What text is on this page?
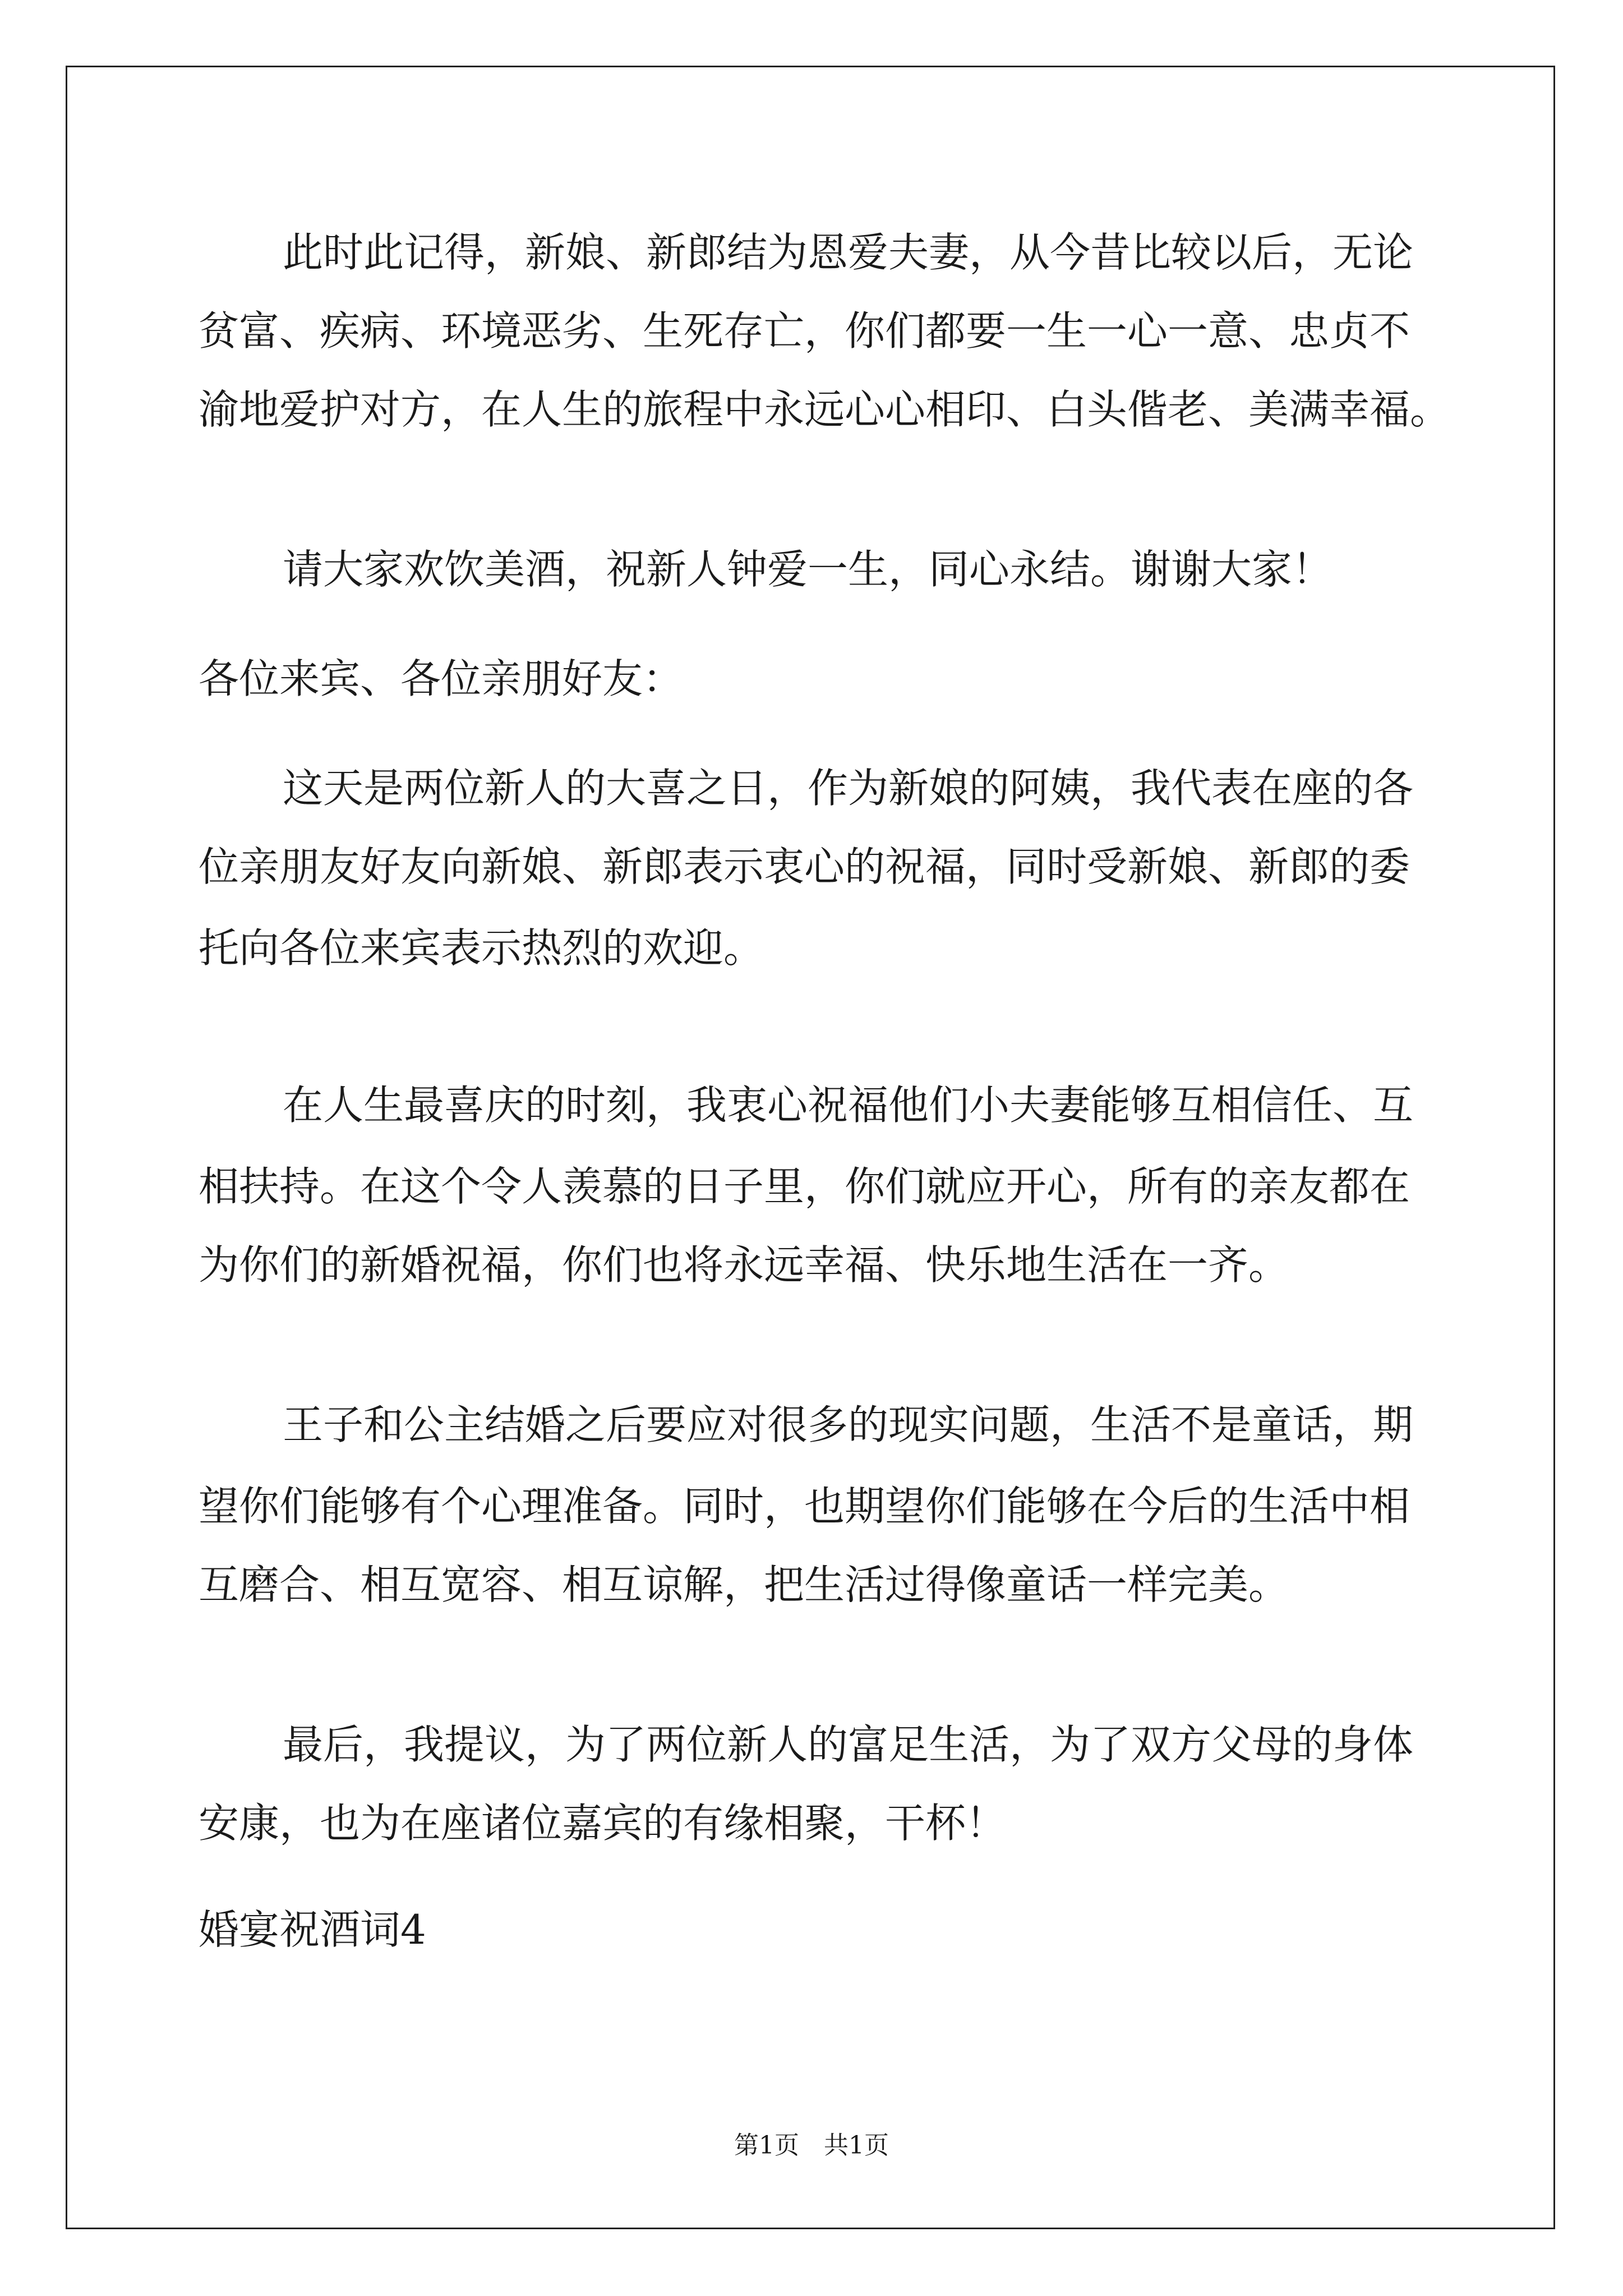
此时此记得，新娘、新郎结为恩爱夫妻，从今昔比较以后，无论
贫富、疾病、环境恶劣、生死存亡，你们都要一生一心一意、忠贞不
渝地爱护对方，在人生的旅程中永远心心相印、白头偕老、美满幸福。
请大家欢饮美酒，祝新人钟爱一生，同心永结。谢谢大家！
各位来宾、各位亲朋好友：
这天是两位新人的大喜之日，作为新娘的阿姨，我代表在座的各
位亲朋友好友向新娘、新郎表示衷心的祝福，同时受新娘、新郎的委
托向各位来宾表示热烈的欢迎。
在人生最喜庆的时刻，我衷心祝福他们小夫妻能够互相信任、互
相扶持。在这个令人羡慕的日子里，你们就应开心，所有的亲友都在
为你们的新婚祝福，你们也将永远幸福、快乐地生活在一齐。
王子和公主结婚之后要应对很多的现实问题，生活不是童话，期
望你们能够有个心理准备。同时，也期望你们能够在今后的生活中相
互磨合、相互宽容、相互谅解，把生活过得像童话一样完美。
最后，我提议，为了两位新人的富足生活，为了双方父母的身体
安康，也为在座诸位嘉宾的有缘相聚，干杯！
婚宴祝酒词4
第1页　共1页
